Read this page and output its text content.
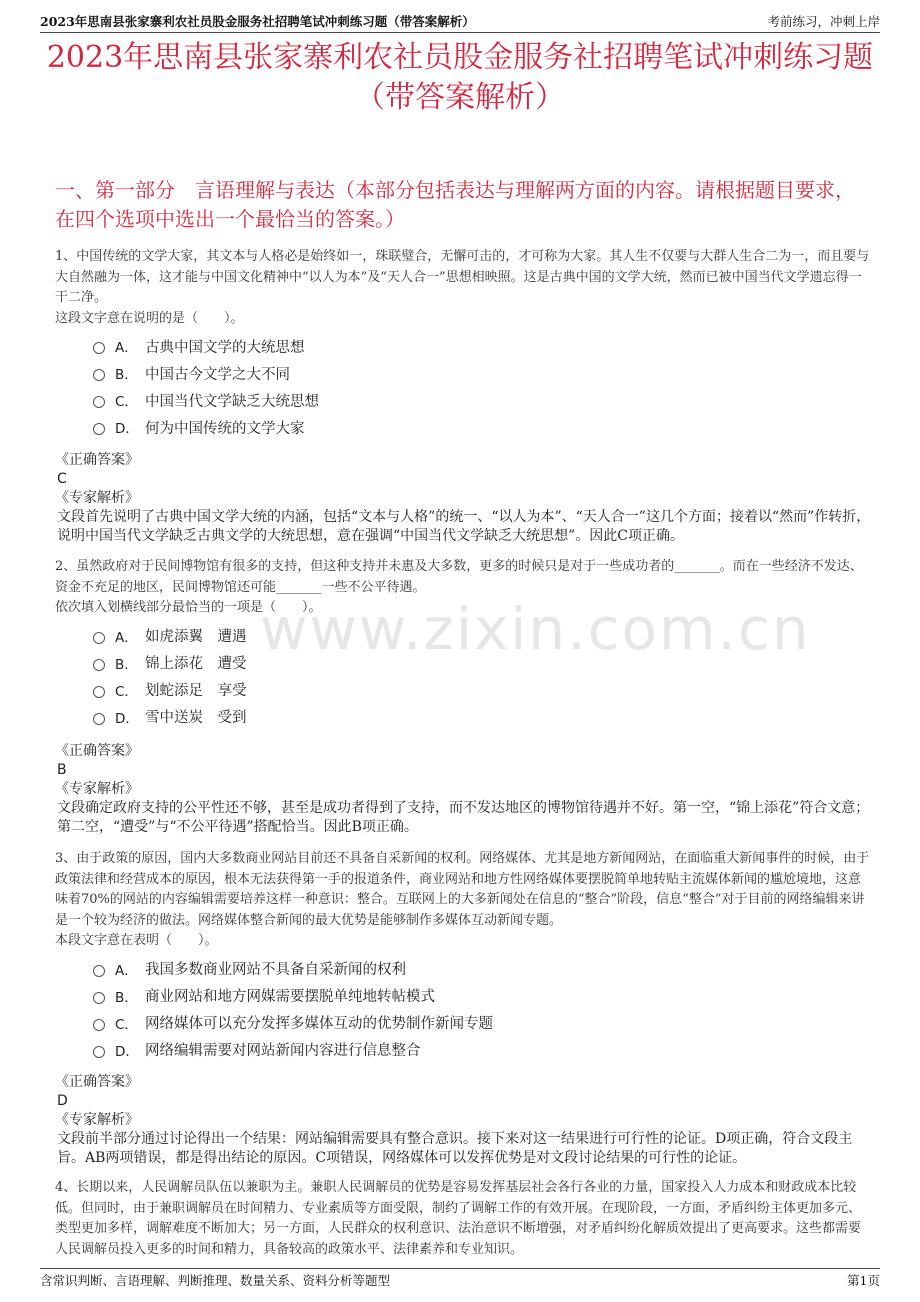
2023年思南县张家寨利农社员股金服务社招聘笔试冲刺练习题（带答案解析）	考前练习，冲刺上岸
2023年思南县张家寨利农社员股金服务社招聘笔试冲刺练习题（带答案解析）
www.zixin.com.cn
一、第一部分　言语理解与表达（本部分包括表达与理解两方面的内容。请根据题目要求，在四个选项中选出一个最恰当的答案。）

1、中国传统的文学大家，其文本与人格必是始终如一，珠联璧合，无懈可击的，才可称为大家。其人生不仅要与大群人生合二为一，而且要与大自然融为一体，这才能与中国文化精神中“以人为本”及“天人合一”思想相映照。这是古典中国的文学大统，然而已被中国当代文学遗忘得一干二净。

这段文字意在说明的是（　　）。

A． 古典中国文学的大统思想
B． 中国古今文学之大不同
C． 中国当代文学缺乏大统思想
D． 何为中国传统的文学大家

《正确答案》

C

《专家解析》

文段首先说明了古典中国文学大统的内涵，包括“文本与人格”的统一、“以人为本”、“天人合一”这几个方面；接着以“然而”作转折，说明中国当代文学缺乏古典文学的大统思想，意在强调“中国当代文学缺乏大统思想”。因此C项正确。

2、虽然政府对于民间博物馆有很多的支持，但这种支持并未惠及大多数，更多的时候只是对于一些成功者的_______。而在一些经济不发达、资金不充足的地区，民间博物馆还可能_______一些不公平待遇。

依次填入划横线部分最恰当的一项是（　　）。

A． 如虎添翼　遭遇
B． 锦上添花　遭受
C． 划蛇添足　享受
D． 雪中送炭　受到

《正确答案》

B

《专家解析》

文段确定政府支持的公平性还不够，甚至是成功者得到了支持，而不发达地区的博物馆待遇并不好。第一空，“锦上添花”符合文意；第二空，“遭受”与“不公平待遇”搭配恰当。因此B项正确。

3、由于政策的原因，国内大多数商业网站目前还不具备自采新闻的权利。网络媒体、尤其是地方新闻网站，在面临重大新闻事件的时候，由于政策法律和经营成本的原因，根本无法获得第一手的报道条件，商业网站和地方性网络媒体要摆脱简单地转贴主流媒体新闻的尴尬境地，这意味着70%的网站的内容编辑需要培养这样一种意识：整合。互联网上的大多新闻处在信息的“整合”阶段，信息“整合”对于目前的网络编辑来讲是一个较为经济的做法。网络媒体整合新闻的最大优势是能够制作多媒体互动新闻专题。

本段文字意在表明（　　）。

A． 我国多数商业网站不具备自采新闻的权利
B． 商业网站和地方网媒需要摆脱单纯地转帖模式
C． 网络媒体可以充分发挥多媒体互动的优势制作新闻专题
D． 网络编辑需要对网站新闻内容进行信息整合

《正确答案》

D

《专家解析》

文段前半部分通过讨论得出一个结果：网站编辑需要具有整合意识。接下来对这一结果进行可行性的论证。D项正确，符合文段主旨。AB两项错误，都是得出结论的原因。C项错误，网络媒体可以发挥优势是对文段讨论结果的可行性的论证。

4、长期以来，人民调解员队伍以兼职为主。兼职人民调解员的优势是容易发挥基层社会各行各业的力量，国家投入人力成本和财政成本比较低。但同时，由于兼职调解员在时间精力、专业素质等方面受限，制约了调解工作的有效开展。在现阶段，一方面，矛盾纠纷主体更加多元、类型更加多样，调解难度不断加大；另一方面，人民群众的权利意识、法治意识不断增强，对矛盾纠纷化解质效提出了更高要求。这些都需要人民调解员投入更多的时间和精力，具备较高的政策水平、法律素养和专业知识。

含常识判断、言语理解、判断推理、数量关系、资料分析等题型	第1页
